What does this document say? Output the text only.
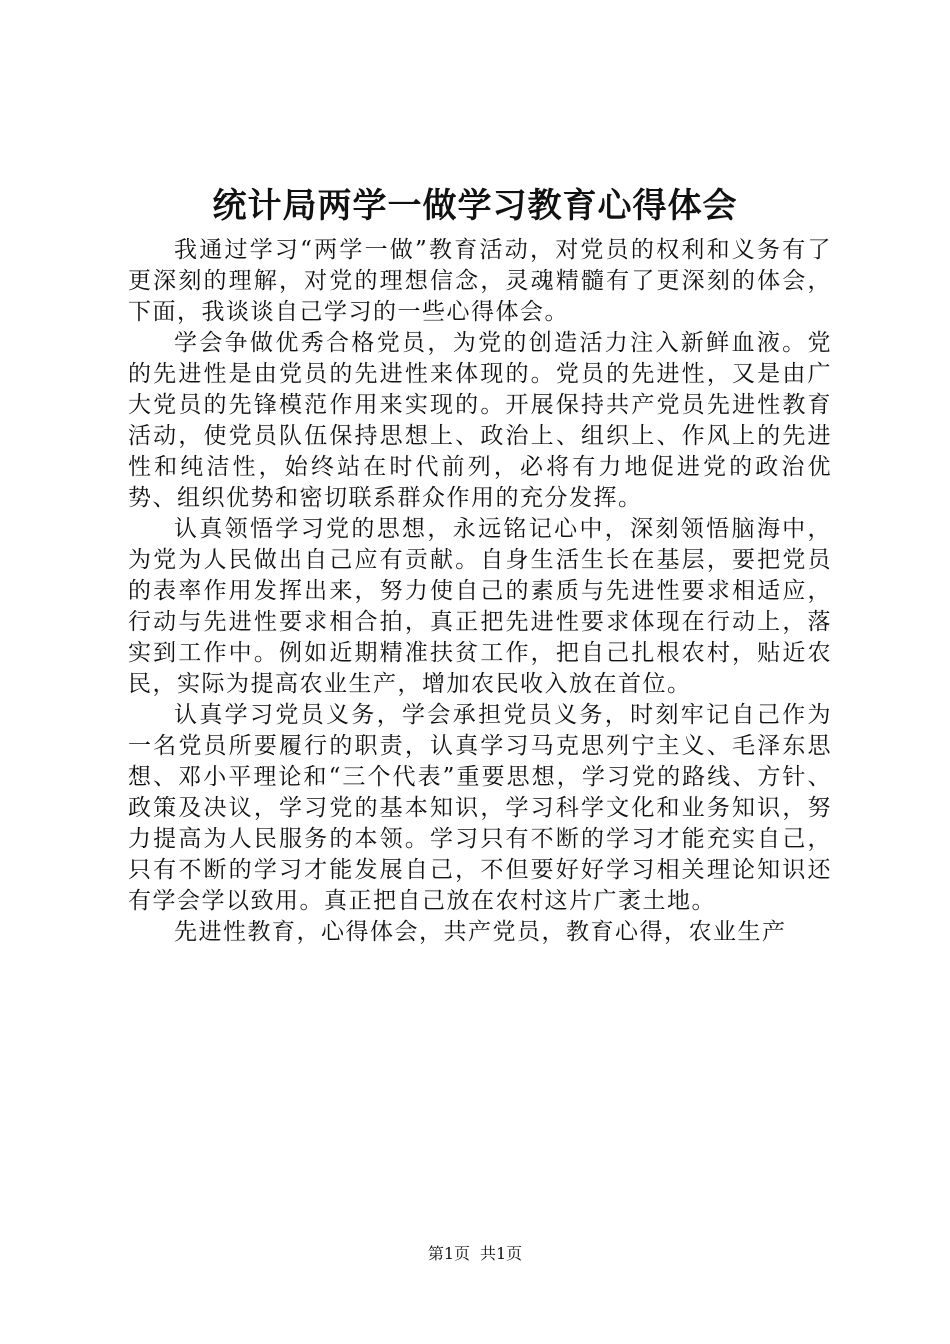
统计局两学一做学习教育心得体会

我通过学习“两学一做”教育活动，对党员的权利和义务有了更深刻的理解，对党的理想信念，灵魂精髓有了更深刻的体会，下面，我谈谈自己学习的一些心得体会。

学会争做优秀合格党员，为党的创造活力注入新鲜血液。党的先进性是由党员的先进性来体现的。党员的先进性，又是由广大党员的先锋模范作用来实现的。开展保持共产党员先进性教育活动，使党员队伍保持思想上、政治上、组织上、作风上的先进性和纯洁性，始终站在时代前列，必将有力地促进党的政治优势、组织优势和密切联系群众作用的充分发挥。

认真领悟学习党的思想，永远铭记心中，深刻领悟脑海中，为党为人民做出自己应有贡献。自身生活生长在基层，要把党员的表率作用发挥出来，努力使自己的素质与先进性要求相适应，行动与先进性要求相合拍，真正把先进性要求体现在行动上，落实到工作中。例如近期精准扶贫工作，把自己扎根农村，贴近农民，实际为提高农业生产，增加农民收入放在首位。

认真学习党员义务，学会承担党员义务，时刻牢记自己作为一名党员所要履行的职责，认真学习马克思列宁主义、毛泽东思想、邓小平理论和“三个代表”重要思想，学习党的路线、方针、政策及决议，学习党的基本知识，学习科学文化和业务知识，努力提高为人民服务的本领。学习只有不断的学习才能充实自己，只有不断的学习才能发展自己，不但要好好学习相关理论知识还有学会学以致用。真正把自己放在农村这片广袤土地。

先进性教育，心得体会，共产党员，教育心得，农业生产

第1页 共1页
